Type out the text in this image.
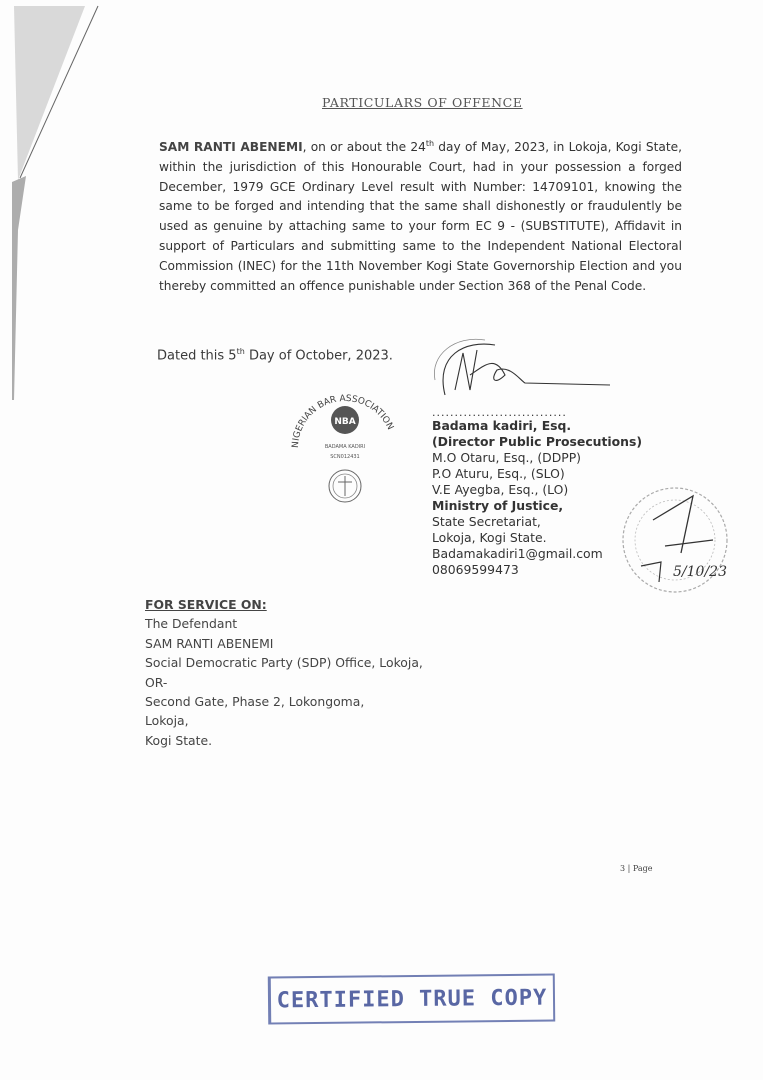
PARTICULARS OF OFFENCE
SAM RANTI ABENEMI, on or about the 24th day of May, 2023, in Lokoja, Kogi State, within the jurisdiction of this Honourable Court, had in your possession a forged December, 1979 GCE Ordinary Level result with Number: 14709101, knowing the same to be forged and intending that the same shall dishonestly or fraudulently be used as genuine by attaching same to your form EC 9 - (SUBSTITUTE), Affidavit in support of Particulars and submitting same to the Independent National Electoral Commission (INEC) for the 11th November Kogi State Governorship Election and you thereby committed an offence punishable under Section 368 of the Penal Code.
Dated this 5th Day of October, 2023.
NIGERIAN BAR ASSOCIATION
NBA
BADAMA KADIRI
SCN012431
..............................
Badama kadiri, Esq.
(Director Public Prosecutions)
M.O Otaru, Esq., (DDPP)
P.O Aturu, Esq., (SLO)
V.E Ayegba, Esq., (LO)
Ministry of Justice,
State Secretariat,
Lokoja, Kogi State.
Badamakadiri1@gmail.com
08069599473	5/10/23
FOR SERVICE ON:
The Defendant
SAM RANTI ABENEMI
Social Democratic Party (SDP) Office, Lokoja,
OR-
Second Gate, Phase 2, Lokongoma,
Lokoja,
Kogi State.
3 | Page
CERTIFIED TRUE COPY
